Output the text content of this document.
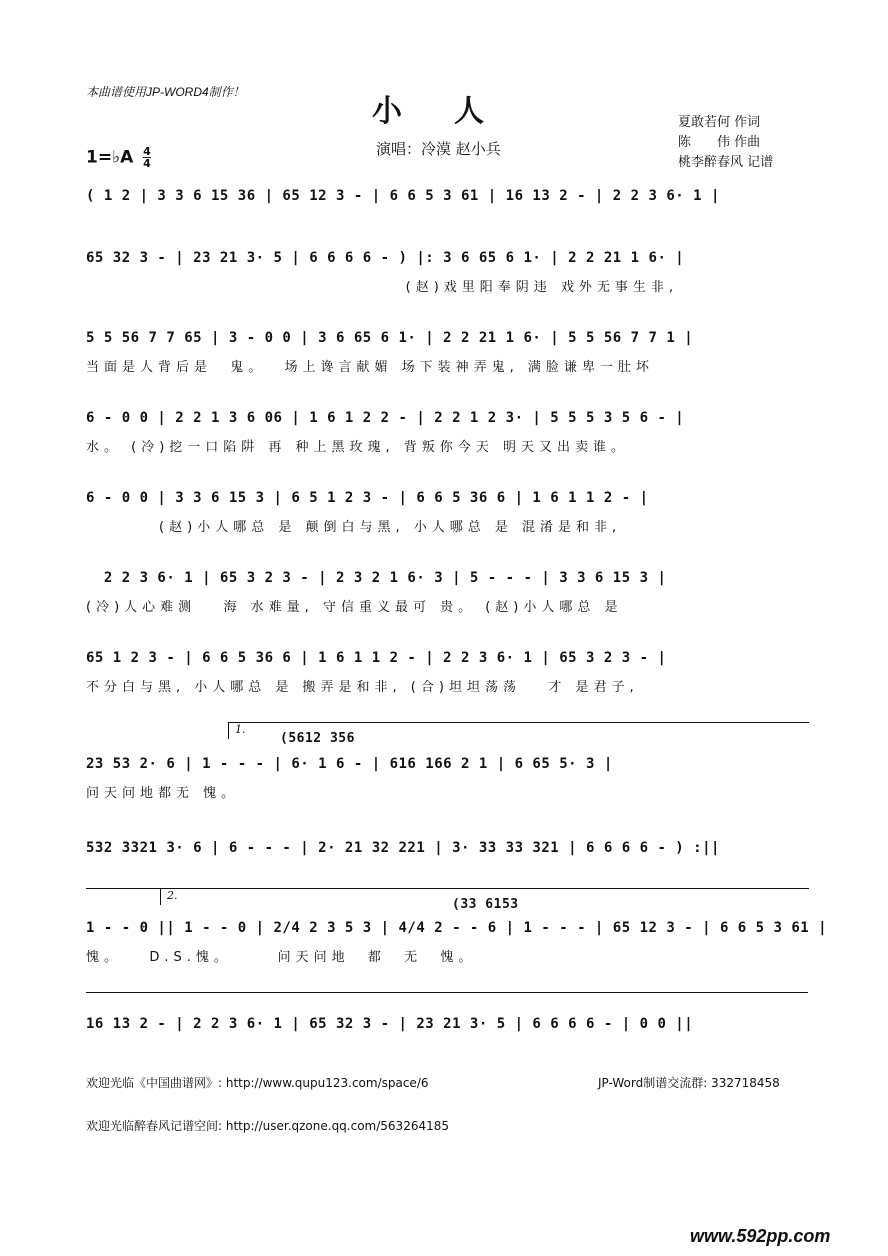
本曲谱使用JP-WORD4制作！
小人
演唱：冷漠 赵小兵
夏敢若何 作词
陈　　伟 作曲
桃李醉春风 记谱
1=♭A $\frac{4}{4}$
( 1 2 | 3 3 6 15 36 | 65 12 3 - | 6 6 5 3 61 | 16 13 2 - | 2 2 3 6· 1 |
65 32 3 - | 23 21 3· 5 | 6 6 6 6 - ) |: 3 6 65 6 1· | 2 2 21 1 6· |
(赵)戏里阳奉阴违 戏外无事生非,
5 5 56 7 7 65 | 3 - 0 0 | 3 6 65 6 1· | 2 2 21 1 6· | 5 5 56 7 7 1 |
当面是人背后是  鬼。  场上谗言献媚 场下装神弄鬼, 满脸谦卑一肚坏
6 - 0 0 | 2 2 1 3 6 06 | 1 6 1 2 2 - | 2 2 1 2 3· | 5 5 5 3 5 6 - |
水。 (冷)挖一口陷阱 再 种上黑玫瑰, 背叛你今天 明天又出卖谁。
6 - 0 0 | 3 3 6 15 3 | 6 5 1 2 3 - | 6 6 5 36 6 | 1 6 1 1 2 - |
(赵)小人哪总 是 颠倒白与黑, 小人哪总 是 混淆是和非,
2 2 3 6· 1 | 65 3 2 3 - | 2 3 2 1 6· 3 | 5 - - - | 3 3 6 15 3 |
(冷)人心难测   海 水难量, 守信重义最可 贵。 (赵)小人哪总 是
65 1 2 3 - | 6 6 5 36 6 | 1 6 1 1 2 - | 2 2 3 6· 1 | 65 3 2 3 - |
不分白与黑, 小人哪总 是 搬弄是和非, (合)坦坦荡荡   才 是君子,
1.
(5612 356
23 53 2· 6 | 1 - - - | 6· 1 6 - | 616 166 2 1 | 6 65 5· 3 |
问天问地都无 愧。
532 3321 3· 6 | 6 - - - | 2· 21 32 221 | 3· 33 33 321 | 6 6 6 6 - ) :||
2.
(33 6153
1 - - 0 || 1 - - 0 | 2/4 2 3 5 3 | 4/4 2 - - 6 | 1 - - - | 65 12 3 - | 6 6 5 3 61 |
愧。   D.S.愧。     问天问地  都  无  愧。
16 13 2 - | 2 2 3 6· 1 | 65 32 3 - | 23 21 3· 5 | 6 6 6 6 - | 0 0 ||
欢迎光临《中国曲谱网》: http://www.qupu123.com/space/6	JP-Word制谱交流群: 332718458
欢迎光临醉春风记谱空间: http://user.qzone.qq.com/563264185
www.592pp.com
